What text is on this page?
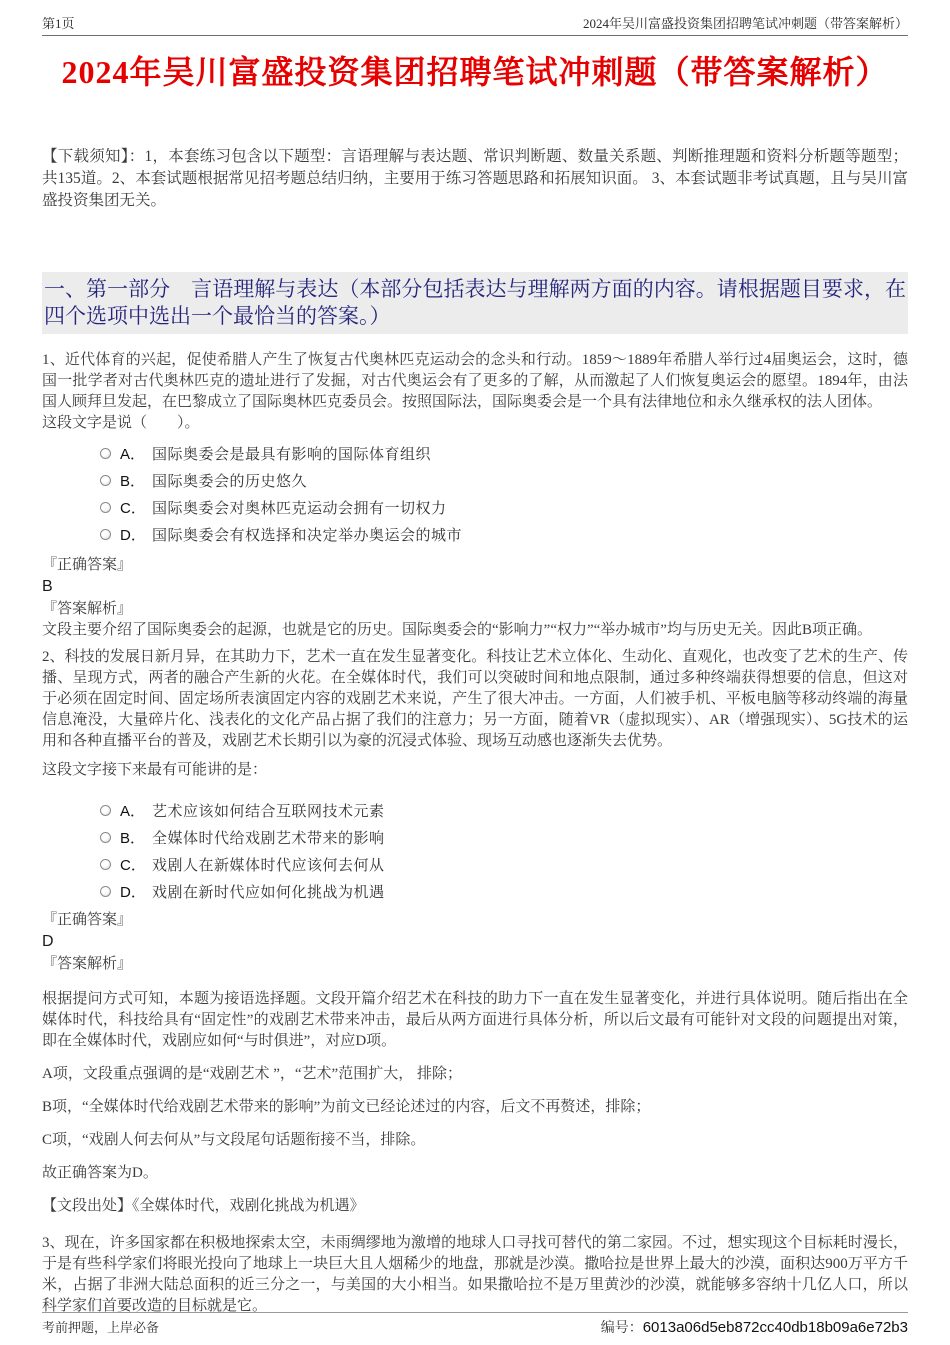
第1页	2024年吴川富盛投资集团招聘笔试冲刺题（带答案解析）
2024年吴川富盛投资集团招聘笔试冲刺题（带答案解析）

【下载须知】：1，本套练习包含以下题型：言语理解与表达题、常识判断题、数量关系题、判断推理题和资料分析题等题型；共135道。2、本套试题根据常见招考题总结归纳，主要用于练习答题思路和拓展知识面。 3、本套试题非考试真题，且与吴川富盛投资集团无关。

一、第一部分　言语理解与表达（本部分包括表达与理解两方面的内容。请根据题目要求，在四个选项中选出一个最恰当的答案。）

1、近代体育的兴起，促使希腊人产生了恢复古代奥林匹克运动会的念头和行动。1859～1889年希腊人举行过4届奥运会，这时，德国一批学者对古代奥林匹克的遗址进行了发掘，对古代奥运会有了更多的了解，从而激起了人们恢复奥运会的愿望。1894年，由法国人顾拜旦发起，在巴黎成立了国际奥林匹克委员会。按照国际法，国际奥委会是一个具有法律地位和永久继承权的法人团体。

这段文字是说（　　）。

A． 国际奥委会是最具有影响的国际体育组织
B． 国际奥委会的历史悠久
C． 国际奥委会对奥林匹克运动会拥有一切权力
D． 国际奥委会有权选择和决定举办奥运会的城市

『正确答案』

B

『答案解析』

文段主要介绍了国际奥委会的起源，也就是它的历史。国际奥委会的“影响力”“权力”“举办城市”均与历史无关。因此B项正确。

2、科技的发展日新月异，在其助力下，艺术一直在发生显著变化。科技让艺术立体化、生动化、直观化，也改变了艺术的生产、传播、呈现方式，两者的融合产生新的火花。在全媒体时代，我们可以突破时间和地点限制，通过多种终端获得想要的信息，但这对于必须在固定时间、固定场所表演固定内容的戏剧艺术来说，产生了很大冲击。一方面，人们被手机、平板电脑等移动终端的海量信息淹没，大量碎片化、浅表化的文化产品占据了我们的注意力；另一方面，随着VR（虚拟现实）、AR（增强现实）、5G技术的运用和各种直播平台的普及，戏剧艺术长期引以为豪的沉浸式体验、现场互动感也逐渐失去优势。

这段文字接下来最有可能讲的是：

A． 艺术应该如何结合互联网技术元素
B． 全媒体时代给戏剧艺术带来的影响
C． 戏剧人在新媒体时代应该何去何从
D． 戏剧在新时代应如何化挑战为机遇

『正确答案』

D

『答案解析』

根据提问方式可知，本题为接语选择题。文段开篇介绍艺术在科技的助力下一直在发生显著变化，并进行具体说明。随后指出在全媒体时代，科技给具有“固定性”的戏剧艺术带来冲击，最后从两方面进行具体分析，所以后文最有可能针对文段的问题提出对策，即在全媒体时代，戏剧应如何“与时俱进”，对应D项。

A项，文段重点强调的是“戏剧艺术 ”，“艺术”范围扩大， 排除；

B项，“全媒体时代给戏剧艺术带来的影响”为前文已经论述过的内容，后文不再赘述，排除；

C项，“戏剧人何去何从”与文段尾句话题衔接不当，排除。

故正确答案为D。

【文段出处】《全媒体时代，戏剧化挑战为机遇》

3、现在，许多国家都在积极地探索太空，未雨绸缪地为激增的地球人口寻找可替代的第二家园。不过，想实现这个目标耗时漫长，于是有些科学家们将眼光投向了地球上一块巨大且人烟稀少的地盘，那就是沙漠。撒哈拉是世界上最大的沙漠，面积达900万平方千米，占据了非洲大陆总面积的近三分之一，与美国的大小相当。如果撒哈拉不是万里黄沙的沙漠，就能够多容纳十几亿人口，所以科学家们首要改造的目标就是它。

考前押题，上岸必备	编号：6013a06d5eb872cc40db18b09a6e72b3
